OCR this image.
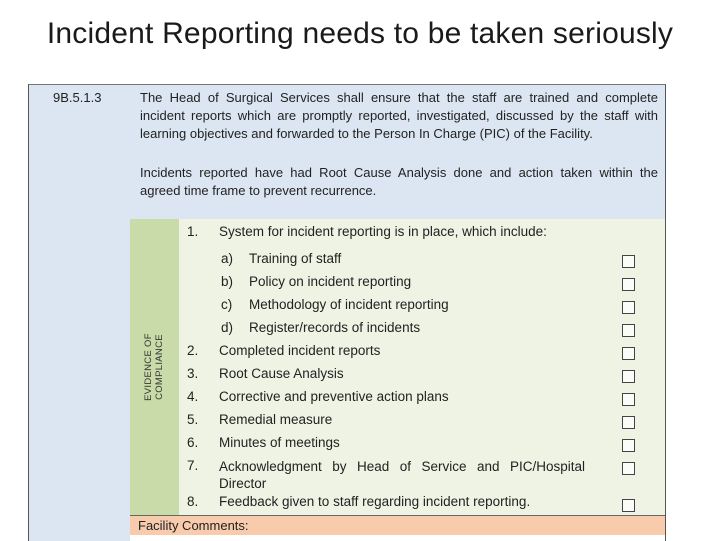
Incident Reporting needs to be taken seriously
9B.5.1.3	The Head of Surgical Services shall ensure that the staff are trained and complete incident reports which are promptly reported, investigated, discussed by the staff with learning objectives and forwarded to the Person In Charge (PIC) of the Facility.
Incidents reported have had Root Cause Analysis done and action taken within the agreed time frame to prevent recurrence.
EVIDENCE OF COMPLIANCE
1. System for incident reporting is in place, which include:
a) Training of staff
b) Policy on incident reporting
c) Methodology of incident reporting
d) Register/records of incidents
2. Completed incident reports
3. Root Cause Analysis
4. Corrective and preventive action plans
5. Remedial measure
6. Minutes of meetings
7. Acknowledgment by Head of Service and PIC/Hospital
Director
8. Feedback given to staff regarding incident reporting.
Facility Comments:
